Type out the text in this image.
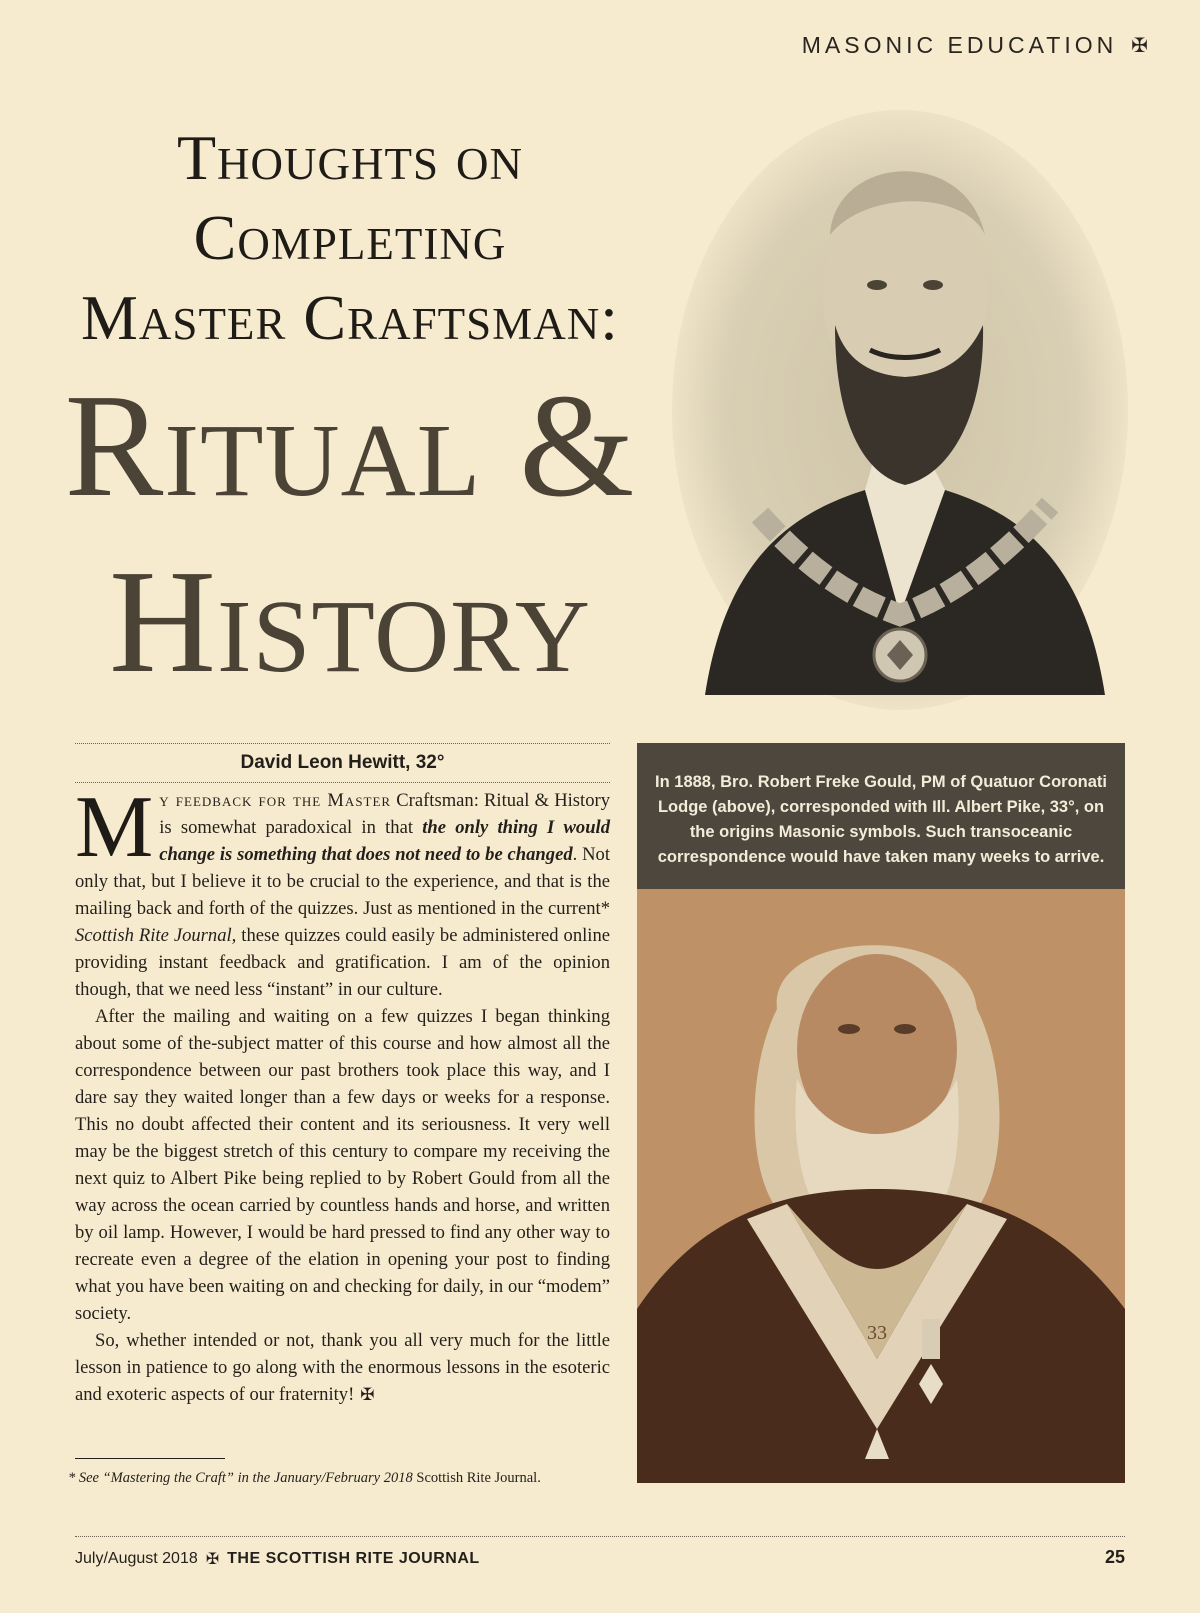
MASONIC EDUCATION ✠
Thoughts on
Completing
Master Craftsman:
Ritual &
History
In 1888, Bro. Robert Freke Gould, PM of Quatuor Coronati Lodge (above), corresponded with Ill. Albert Pike, 33°, on the origins Masonic symbols. Such transoceanic correspondence would have taken many weeks to arrive.
33
David Leon Hewitt, 32°

My feedback for the Master Craftsman: Ritual & History is somewhat paradoxical in that the only thing I would change is something that does not need to be changed. Not only that, but I believe it to be crucial to the experience, and that is the mailing back and forth of the quizzes. Just as mentioned in the current* Scottish Rite Journal, these quizzes could easily be administered online providing instant feedback and gratification. I am of the opinion though, that we need less “instant” in our culture.

After the mailing and waiting on a few quizzes I began thinking about some of the-subject matter of this course and how almost all the correspondence between our past brothers took place this way, and I dare say they waited longer than a few days or weeks for a response. This no doubt affected their content and its seriousness. It very well may be the biggest stretch of this century to compare my receiving the next quiz to Albert Pike being replied to by Robert Gould from all the way across the ocean carried by countless hands and horse, and written by oil lamp. However, I would be hard pressed to find any other way to recreate even a degree of the elation in opening your post to finding what you have been waiting on and checking for daily, in our “modem” society.

So, whether intended or not, thank you all very much for the little lesson in patience to go along with the enormous lessons in the esoteric and exoteric aspects of our fraternity! ✠

* See “Mastering the Craft” in the January/February 2018 Scottish Rite Journal.
July/August 2018 ✠ THE SCOTTISH RITE JOURNAL	25
